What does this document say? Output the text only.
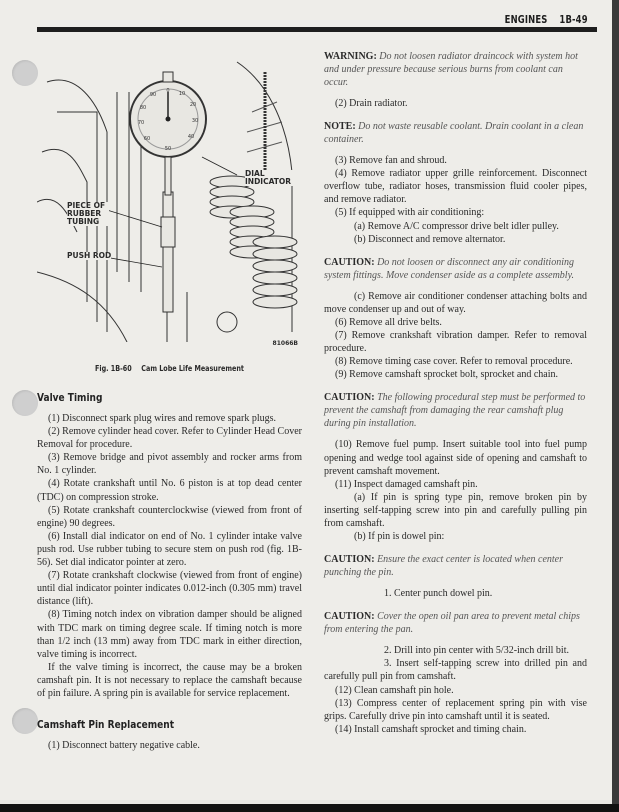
ENGINES 1B-49
0 10
20
30
40
50
60
70
80
90
DIAL INDICATOR
PIECE OF RUBBER TUBING
PUSH ROD
81066B
Fig. 1B-60 Cam Lobe Life Measurement
Valve Timing

(1) Disconnect spark plug wires and remove spark plugs.

(2) Remove cylinder head cover. Refer to Cylinder Head Cover Removal for procedure.

(3) Remove bridge and pivot assembly and rocker arms from No. 1 cylinder.

(4) Rotate crankshaft until No. 6 piston is at top dead center (TDC) on compression stroke.

(5) Rotate crankshaft counterclockwise (viewed from front of engine) 90 degrees.

(6) Install dial indicator on end of No. 1 cylinder intake valve push rod. Use rubber tubing to secure stem on push rod (fig. 1B-56). Set dial indicator pointer at zero.

(7) Rotate crankshaft clockwise (viewed from front of engine) until dial indicator pointer indicates 0.012-inch (0.305 mm) travel distance (lift).

(8) Timing notch index on vibration damper should be aligned with TDC mark on timing degree scale. If timing notch is more than 1/2 inch (13 mm) away from TDC mark in either direction, valve timing is incorrect.

If the valve timing is incorrect, the cause may be a broken camshaft pin. It is not necessary to replace the camshaft because of pin failure. A spring pin is available for service replacement.

Camshaft Pin Replacement

(1) Disconnect battery negative cable.

WARNING: Do not loosen radiator draincock with system hot and under pressure because serious burns from coolant can occur.

(2) Drain radiator.

NOTE: Do not waste reusable coolant. Drain coolant in a clean container.

(3) Remove fan and shroud.

(4) Remove radiator upper grille reinforcement. Disconnect overflow tube, radiator hoses, transmission fluid cooler pipes, and remove radiator.

(5) If equipped with air conditioning:

(a) Remove A/C compressor drive belt idler pulley.

(b) Disconnect and remove alternator.

CAUTION: Do not loosen or disconnect any air conditioning system fittings. Move condenser aside as a complete assembly.

(c) Remove air conditioner condenser attaching bolts and move condenser up and out of way.

(6) Remove all drive belts.

(7) Remove crankshaft vibration damper. Refer to removal procedure.

(8) Remove timing case cover. Refer to removal procedure.

(9) Remove camshaft sprocket bolt, sprocket and chain.

CAUTION: The following procedural step must be performed to prevent the camshaft from damaging the rear camshaft plug during pin installation.

(10) Remove fuel pump. Insert suitable tool into fuel pump opening and wedge tool against side of opening and camshaft to prevent camshaft movement.

(11) Inspect damaged camshaft pin.

(a) If pin is spring type pin, remove broken pin by inserting self-tapping screw into pin and carefully pulling pin from camshaft.

(b) If pin is dowel pin:

CAUTION: Ensure the exact center is located when center punching the pin.

1. Center punch dowel pin.

CAUTION: Cover the open oil pan area to prevent metal chips from entering the pan.

2. Drill into pin center with 5/32-inch drill bit.

3. Insert self-tapping screw into drilled pin and carefully pull pin from camshaft.

(12) Clean camshaft pin hole.

(13) Compress center of replacement spring pin with vise grips. Carefully drive pin into camshaft until it is seated.

(14) Install camshaft sprocket and timing chain.
